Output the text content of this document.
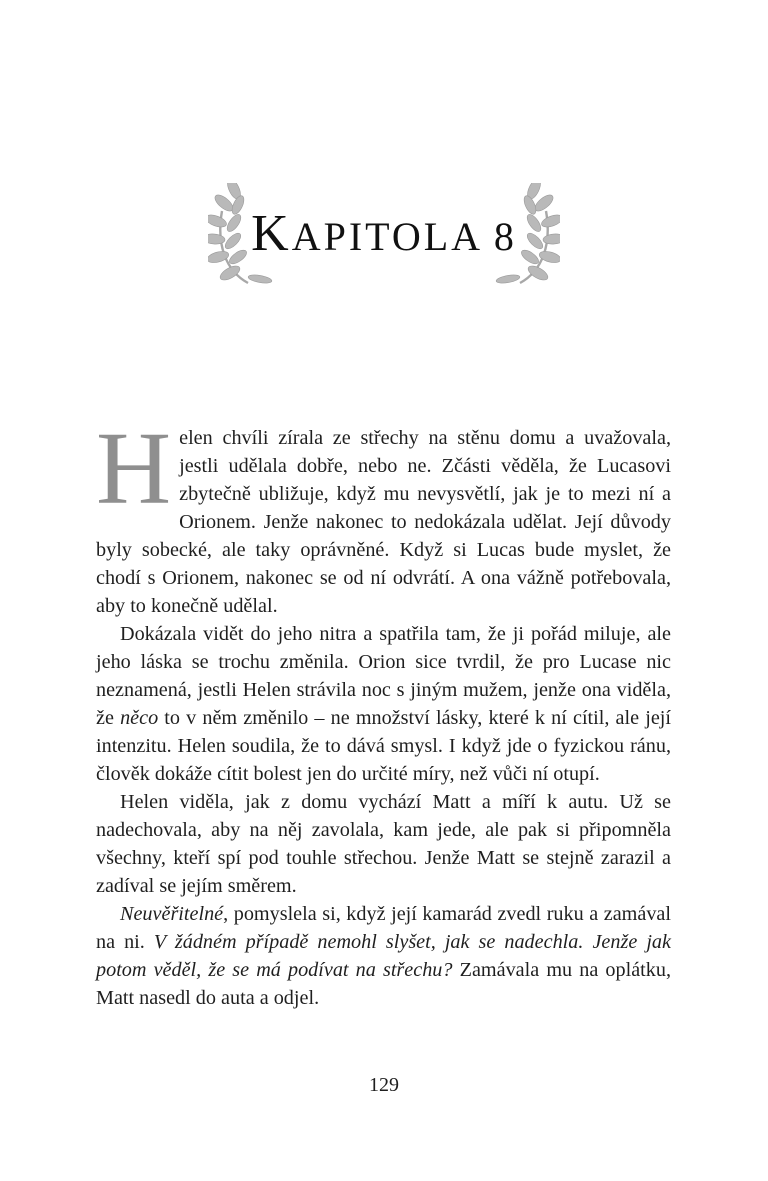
KAPITOLA 8

Helen chvíli zírala ze střechy na stěnu domu a uvažovala, jestli udělala dobře, nebo ne. Zčásti věděla, že Lucasovi zbytečně ubližuje, když mu nevysvětlí, jak je to mezi ní a Orionem. Jenže nakonec to nedokázala udělat. Její důvody byly sobecké, ale taky oprávněné. Když si Lucas bude myslet, že chodí s Orionem, nakonec se od ní odvrátí. A ona vážně potřebovala, aby to konečně udělal.

Dokázala vidět do jeho nitra a spatřila tam, že ji pořád miluje, ale jeho láska se trochu změnila. Orion sice tvrdil, že pro Lucase nic neznamená, jestli Helen strávila noc s jiným mužem, jenže ona viděla, že něco to v něm změnilo – ne množství lásky, které k ní cítil, ale její intenzitu. Helen soudila, že to dává smysl. I když jde o fyzickou ránu, člověk dokáže cítit bolest jen do určité míry, než vůči ní otupí.

Helen viděla, jak z domu vychází Matt a míří k autu. Už se nadechovala, aby na něj zavolala, kam jede, ale pak si připomněla všechny, kteří spí pod touhle střechou. Jenže Matt se stejně zarazil a zadíval se jejím směrem.

Neuvěřitelné, pomyslela si, když její kamarád zvedl ruku a zamával na ni. V žádném případě nemohl slyšet, jak se nadechla. Jenže jak potom věděl, že se má podívat na střechu? Zamávala mu na oplátku, Matt nasedl do auta a odjel.

129
